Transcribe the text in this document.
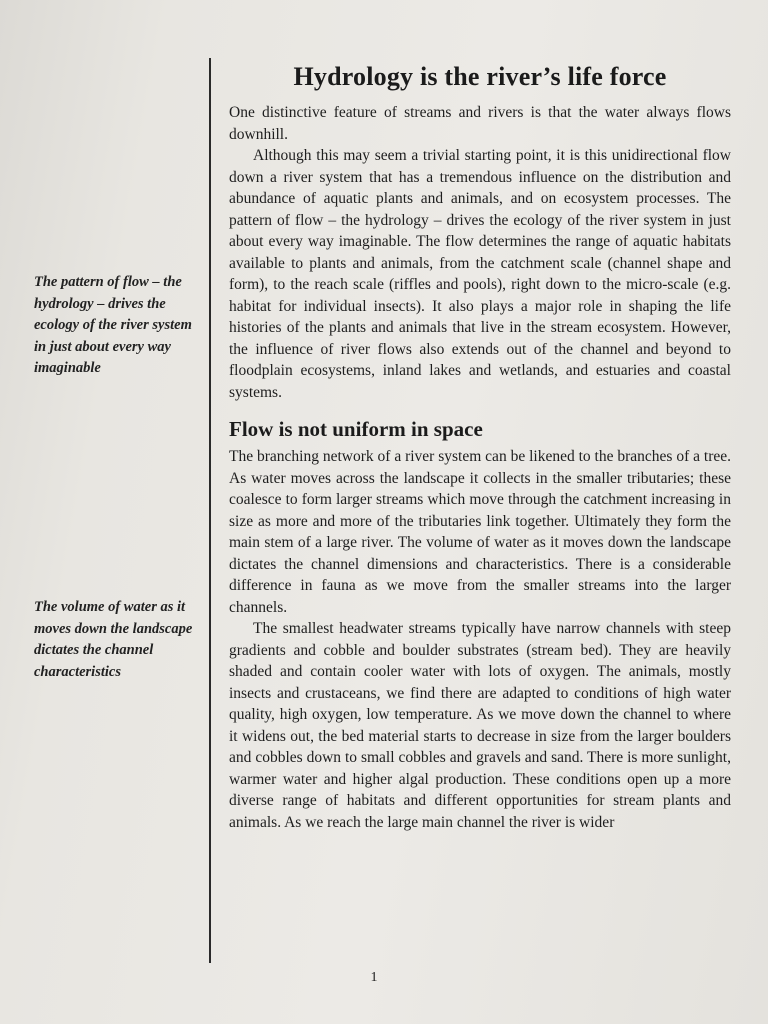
The pattern of flow – the hydrology – drives the ecology of the river system in just about every way imaginable
The volume of water as it moves down the landscape dictates the channel characteristics
Hydrology is the river’s life force

One distinctive feature of streams and rivers is that the water always flows downhill.

Although this may seem a trivial starting point, it is this unidirectional flow down a river system that has a tremendous influence on the distribution and abundance of aquatic plants and animals, and on ecosystem processes. The pattern of flow – the hydrology – drives the ecology of the river system in just about every way imaginable. The flow determines the range of aquatic habitats available to plants and animals, from the catchment scale (channel shape and form), to the reach scale (riffles and pools), right down to the micro-scale (e.g. habitat for individual insects). It also plays a major role in shaping the life histories of the plants and animals that live in the stream ecosystem. However, the influence of river flows also extends out of the channel and beyond to floodplain ecosystems, inland lakes and wetlands, and estuaries and coastal systems.

Flow is not uniform in space

The branching network of a river system can be likened to the branches of a tree. As water moves across the landscape it collects in the smaller tributaries; these coalesce to form larger streams which move through the catchment increasing in size as more and more of the tributaries link together. Ultimately they form the main stem of a large river. The volume of water as it moves down the landscape dictates the channel dimensions and characteristics. There is a considerable difference in fauna as we move from the smaller streams into the larger channels.

The smallest headwater streams typically have narrow channels with steep gradients and cobble and boulder substrates (stream bed). They are heavily shaded and contain cooler water with lots of oxygen. The animals, mostly insects and crustaceans, we find there are adapted to conditions of high water quality, high oxygen, low temperature. As we move down the channel to where it widens out, the bed material starts to decrease in size from the larger boulders and cobbles down to small cobbles and gravels and sand. There is more sunlight, warmer water and higher algal production. These conditions open up a more diverse range of habitats and different opportunities for stream plants and animals. As we reach the large main channel the river is wider

1
